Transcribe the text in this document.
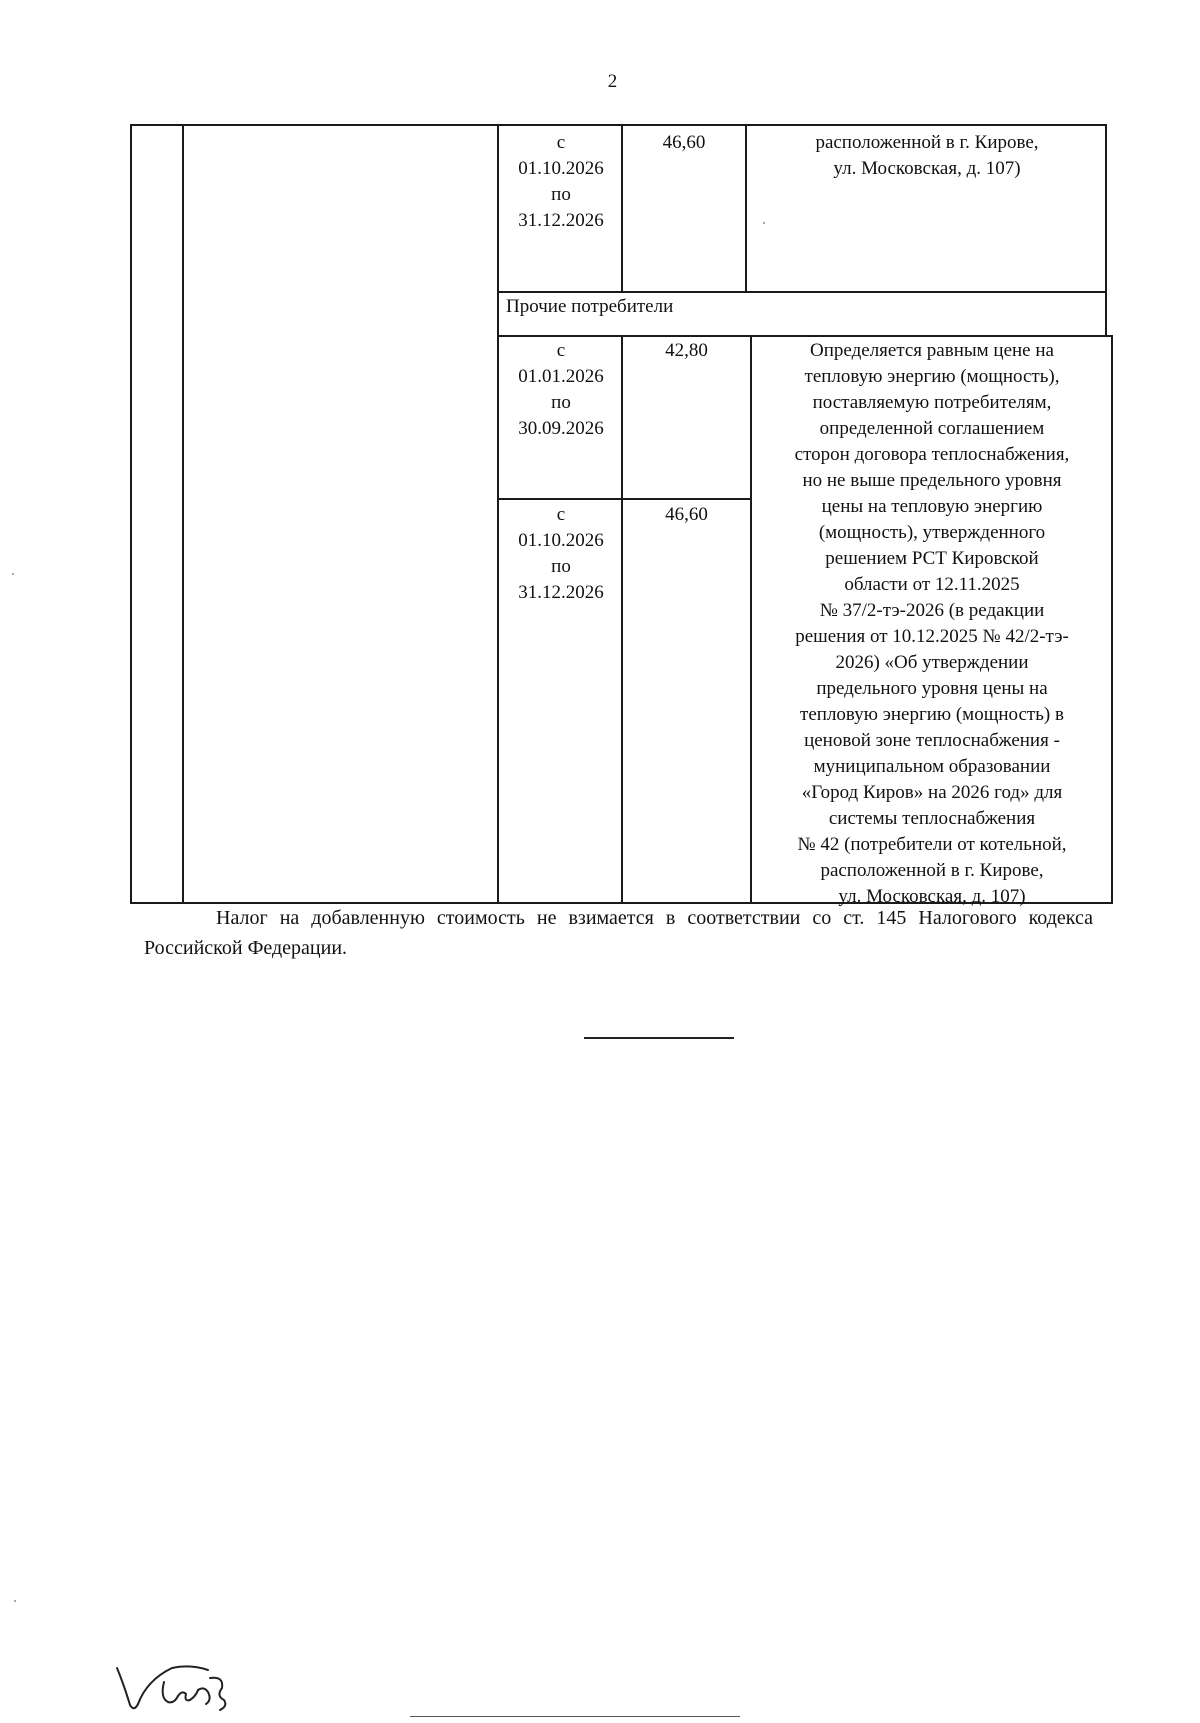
2
с
01.10.2026
по
31.12.2026
46,60	расположенной в г. Кирове,
ул. Московская, д. 107)
Прочие потребители
с
01.01.2026
по
30.09.2026
42,80
с
01.10.2026
по
31.12.2026
46,60
Определяется равным цене на
тепловую энергию (мощность),
поставляемую потребителям,
определенной соглашением
сторон договора теплоснабжения,
но не выше предельного уровня
цены на тепловую энергию
(мощность), утвержденного
решением РСТ Кировской
области от 12.11.2025
№ 37/2-тэ-2026 (в редакции
решения от 10.12.2025 № 42/2-тэ-
2026) «Об утверждении
предельного уровня цены на
тепловую энергию (мощность) в
ценовой зоне теплоснабжения -
муниципальном образовании
«Город Киров» на 2026 год» для
системы теплоснабжения
№ 42 (потребители от котельной,
расположенной в г. Кирове,
ул. Московская, д. 107)
Налог на добавленную стоимость не взимается в соответствии со ст. 145 Налогового кодекса Российской Федерации.
